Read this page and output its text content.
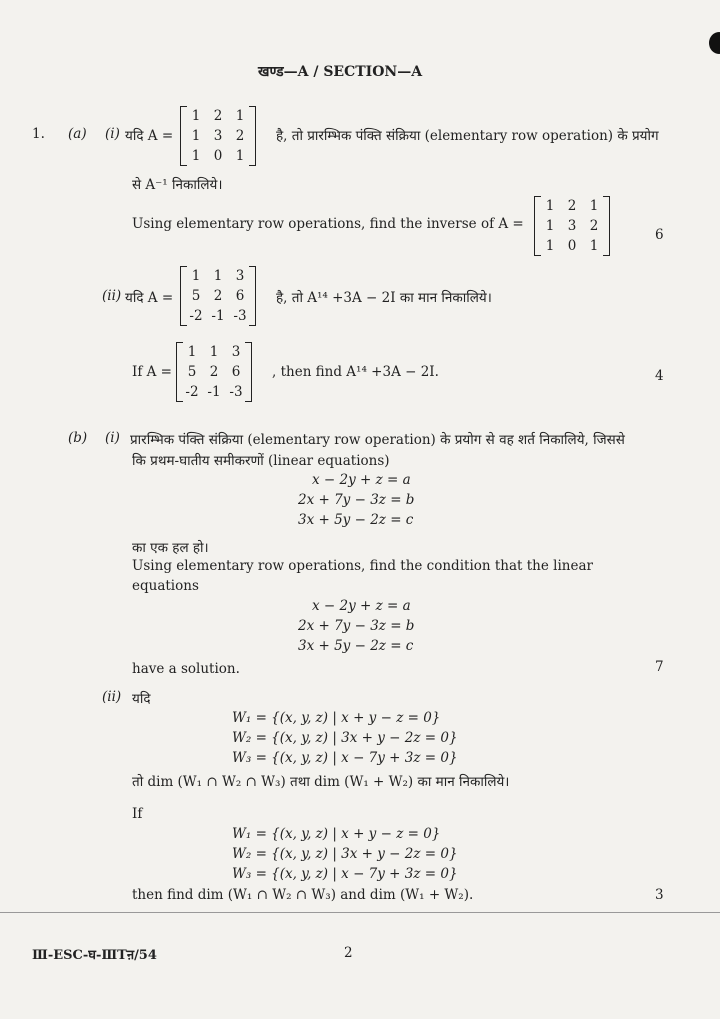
खण्ड—A / SECTION—A
1. (a) (i) यदि A =
1 2 1
1 3 2
1 0 1
है, तो प्रारम्भिक पंक्ति संक्रिया (elementary row operation) के प्रयोग
से A⁻¹ निकालिये।
Using elementary row operations, find the inverse of A =
1 2 1
1 3 2
1 0 1
6
(ii) यदि A =
1 1 3
5 2 6
-2 -1 -3
है, तो A¹⁴ +3A − 2I का मान निकालिये।
If A =
1 1 3
5 2 6
-2 -1 -3
, then find A¹⁴ +3A − 2I.	4
(b) (i) प्रारम्भिक पंक्ति संक्रिया (elementary row operation) के प्रयोग से वह शर्त निकालिये, जिससे
कि प्रथम-घातीय समीकरणों (linear equations)
x − 2y + z = a
2x + 7y − 3z = b
3x + 5y − 2z = c
का एक हल हो।
Using elementary row operations, find the condition that the linear
equations
x − 2y + z = a
2x + 7y − 3z = b
3x + 5y − 2z = c
have a solution.	7
(ii) यदि
W₁ = {(x, y, z) | x + y − z = 0}
W₂ = {(x, y, z) | 3x + y − 2z = 0}
W₃ = {(x, y, z) | x − 7y + 3z = 0}
तो dim (W₁ ∩ W₂ ∩ W₃) तथा dim (W₁ + W₂) का मान निकालिये।
If
W₁ = {(x, y, z) | x + y − z = 0}
W₂ = {(x, y, z) | 3x + y − 2z = 0}
W₃ = {(x, y, z) | x − 7y + 3z = 0}
then find dim (W₁ ∩ W₂ ∩ W₃) and dim (W₁ + W₂).	3
Ⅲ-ESC-घ-ⅢTऩ/54	2
